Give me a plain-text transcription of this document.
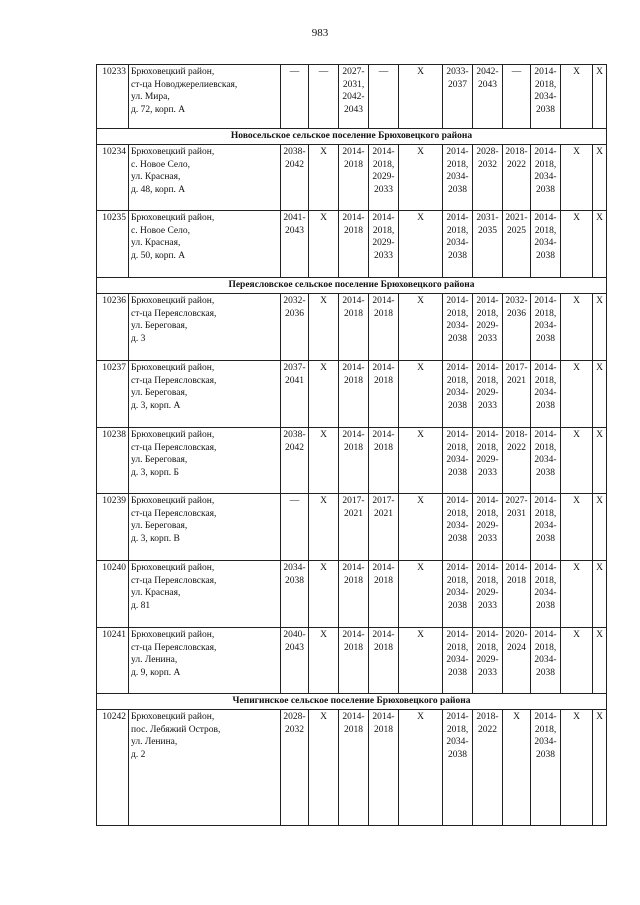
983
10233	Брюховецкий район,
ст-ца Новоджерелиевская,
ул. Мира,
д. 72, корп. А	—	—	2027-
2031,
2042-
2043	—	X	2033-
2037	2042-
2043	—	2014-
2018,
2034-
2038	X	X
Новосельское сельское поселение Брюховецкого района												
10234	Брюховецкий район,
с. Новое Село,
ул. Красная,
д. 48, корп. А	2038-
2042	X	2014-
2018	2014-
2018,
2029-
2033	X	2014-
2018,
2034-
2038	2028-
2032	2018-
2022	2014-
2018,
2034-
2038	X	X
10235	Брюховецкий район,
с. Новое Село,
ул. Красная,
д. 50, корп. А	2041-
2043	X	2014-
2018	2014-
2018,
2029-
2033	X	2014-
2018,
2034-
2038	2031-
2035	2021-
2025	2014-
2018,
2034-
2038	X	X
Переясловское сельское поселение Брюховецкого района												
10236	Брюховецкий район,
ст-ца Переясловская,
ул. Береговая,
д. 3	2032-
2036	X	2014-
2018	2014-
2018	X	2014-
2018,
2034-
2038	2014-
2018,
2029-
2033	2032-
2036	2014-
2018,
2034-
2038	X	X
10237	Брюховецкий район,
ст-ца Переясловская,
ул. Береговая,
д. 3, корп. А	2037-
2041	X	2014-
2018	2014-
2018	X	2014-
2018,
2034-
2038	2014-
2018,
2029-
2033	2017-
2021	2014-
2018,
2034-
2038	X	X
10238	Брюховецкий район,
ст-ца Переясловская,
ул. Береговая,
д. 3, корп. Б	2038-
2042	X	2014-
2018	2014-
2018	X	2014-
2018,
2034-
2038	2014-
2018,
2029-
2033	2018-
2022	2014-
2018,
2034-
2038	X	X
10239	Брюховецкий район,
ст-ца Переясловская,
ул. Береговая,
д. 3, корп. В	—	X	2017-
2021	2017-
2021	X	2014-
2018,
2034-
2038	2014-
2018,
2029-
2033	2027-
2031	2014-
2018,
2034-
2038	X	X
10240	Брюховецкий район,
ст-ца Переясловская,
ул. Красная,
д. 81	2034-
2038	X	2014-
2018	2014-
2018	X	2014-
2018,
2034-
2038	2014-
2018,
2029-
2033	2014-
2018	2014-
2018,
2034-
2038	X	X
10241	Брюховецкий район,
ст-ца Переясловская,
ул. Ленина,
д. 9, корп. А	2040-
2043	X	2014-
2018	2014-
2018	X	2014-
2018,
2034-
2038	2014-
2018,
2029-
2033	2020-
2024	2014-
2018,
2034-
2038	X	X
Чепигинское сельское поселение Брюховецкого района												
10242	Брюховецкий район,
пос. Лебяжий Остров,
ул. Ленина,
д. 2	2028-
2032	X	2014-
2018	2014-
2018	X	2014-
2018,
2034-
2038	2018-
2022	X	2014-
2018,
2034-
2038	X	X
